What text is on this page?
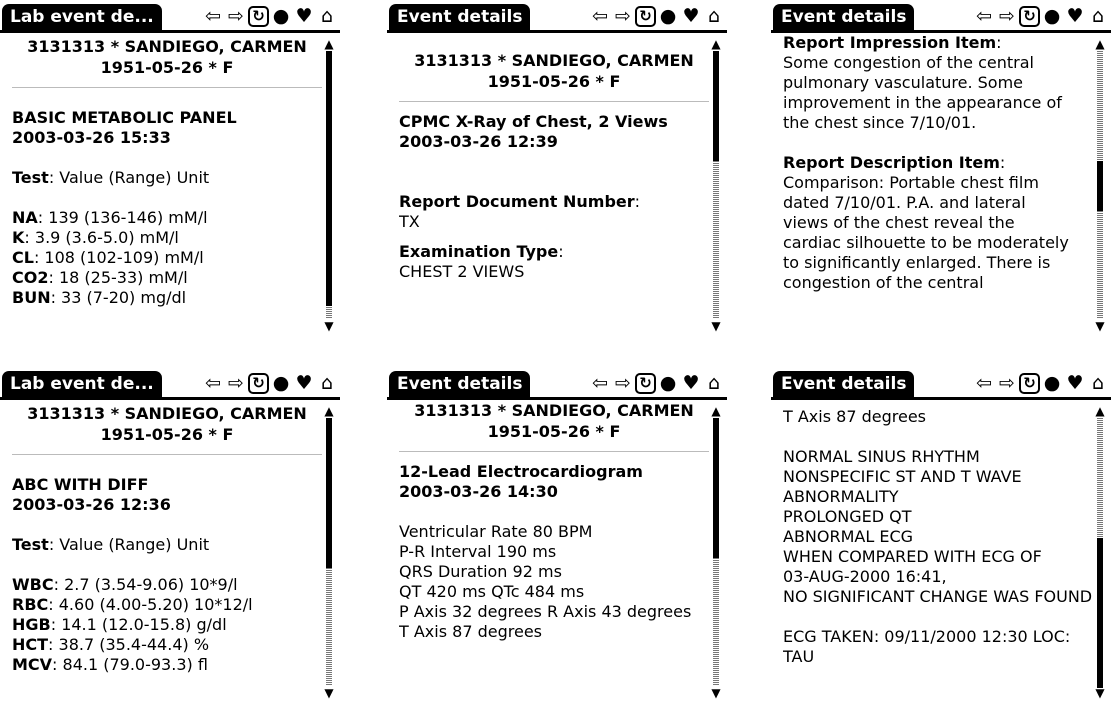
Lab event de...	⇦ ⇨ ↻ ● ♥ ⌂
3131313 * SANDIEGO, CARMEN
1951-05-26 * F
BASIC METABOLIC PANEL
2003-03-26 15:33
Test: Value (Range) Unit
NA: 139 (136-146) mM/l
K: 3.9 (3.6-5.0) mM/l
CL: 108 (102-109) mM/l
CO2: 18 (25-33) mM/l
BUN: 33 (7-20) mg/dl
▲
▼
Event details	⇦ ⇨ ↻ ● ♥ ⌂
3131313 * SANDIEGO, CARMEN
1951-05-26 * F
CPMC X-Ray of Chest, 2 Views
2003-03-26 12:39
Report Document Number:
TX
Examination Type:
CHEST 2 VIEWS
▲
▼
Event details	⇦ ⇨ ↻ ● ♥ ⌂
Report Impression Item:
Some congestion of the central
pulmonary vasculature. Some
improvement in the appearance of
the chest since 7/10/01.
Report Description Item:
Comparison: Portable chest film
dated 7/10/01. P.A. and lateral
views of the chest reveal the
cardiac silhouette to be moderately
to significantly enlarged. There is
congestion of the central
▲
▼
Lab event de...	⇦ ⇨ ↻ ● ♥ ⌂
3131313 * SANDIEGO, CARMEN
1951-05-26 * F
ABC WITH DIFF
2003-03-26 12:36
Test: Value (Range) Unit
WBC: 2.7 (3.54-9.06) 10*9/l
RBC: 4.60 (4.00-5.20) 10*12/l
HGB: 14.1 (12.0-15.8) g/dl
HCT: 38.7 (35.4-44.4) %
MCV: 84.1 (79.0-93.3) fl
▲
▼
Event details	⇦ ⇨ ↻ ● ♥ ⌂
3131313 * SANDIEGO, CARMEN
1951-05-26 * F
12-Lead Electrocardiogram
2003-03-26 14:30
Ventricular Rate 80 BPM
P-R Interval 190 ms
QRS Duration 92 ms
QT 420 ms QTc 484 ms
P Axis 32 degrees R Axis 43 degrees
T Axis 87 degrees
▲
▼
Event details	⇦ ⇨ ↻ ● ♥ ⌂
T Axis 87 degrees
NORMAL SINUS RHYTHM
NONSPECIFIC ST AND T WAVE
ABNORMALITY
PROLONGED QT
ABNORMAL ECG
WHEN COMPARED WITH ECG OF
03-AUG-2000 16:41,
NO SIGNIFICANT CHANGE WAS FOUND
ECG TAKEN: 09/11/2000 12:30 LOC:
TAU
▲
▼
